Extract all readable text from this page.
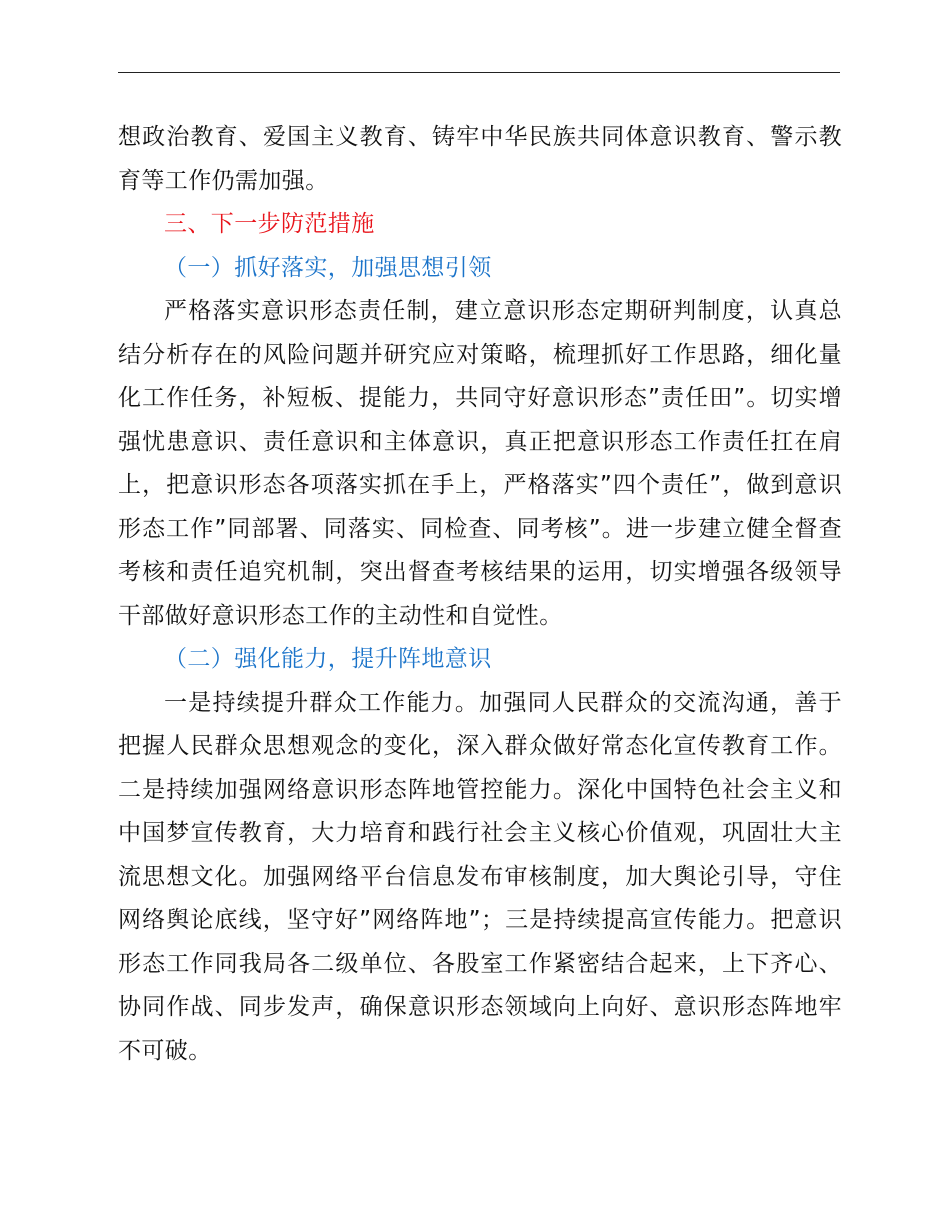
想政治教育、爱国主义教育、铸牢中华民族共同体意识教育、警示教育等工作仍需加强。

三、下一步防范措施

（一）抓好落实，加强思想引领

严格落实意识形态责任制，建立意识形态定期研判制度，认真总结分析存在的风险问题并研究应对策略，梳理抓好工作思路，细化量化工作任务，补短板、提能力，共同守好意识形态”责任田”。切实增强忧患意识、责任意识和主体意识，真正把意识形态工作责任扛在肩上，把意识形态各项落实抓在手上，严格落实”四个责任”，做到意识形态工作”同部署、同落实、同检查、同考核”。进一步建立健全督查考核和责任追究机制，突出督查考核结果的运用，切实增强各级领导干部做好意识形态工作的主动性和自觉性。

（二）强化能力，提升阵地意识

一是持续提升群众工作能力。加强同人民群众的交流沟通，善于把握人民群众思想观念的变化，深入群众做好常态化宣传教育工作。二是持续加强网络意识形态阵地管控能力。深化中国特色社会主义和中国梦宣传教育，大力培育和践行社会主义核心价值观，巩固壮大主流思想文化。加强网络平台信息发布审核制度，加大舆论引导，守住网络舆论底线，坚守好”网络阵地”；三是持续提高宣传能力。把意识形态工作同我局各二级单位、各股室工作紧密结合起来，上下齐心、协同作战、同步发声，确保意识形态领域向上向好、意识形态阵地牢不可破。
